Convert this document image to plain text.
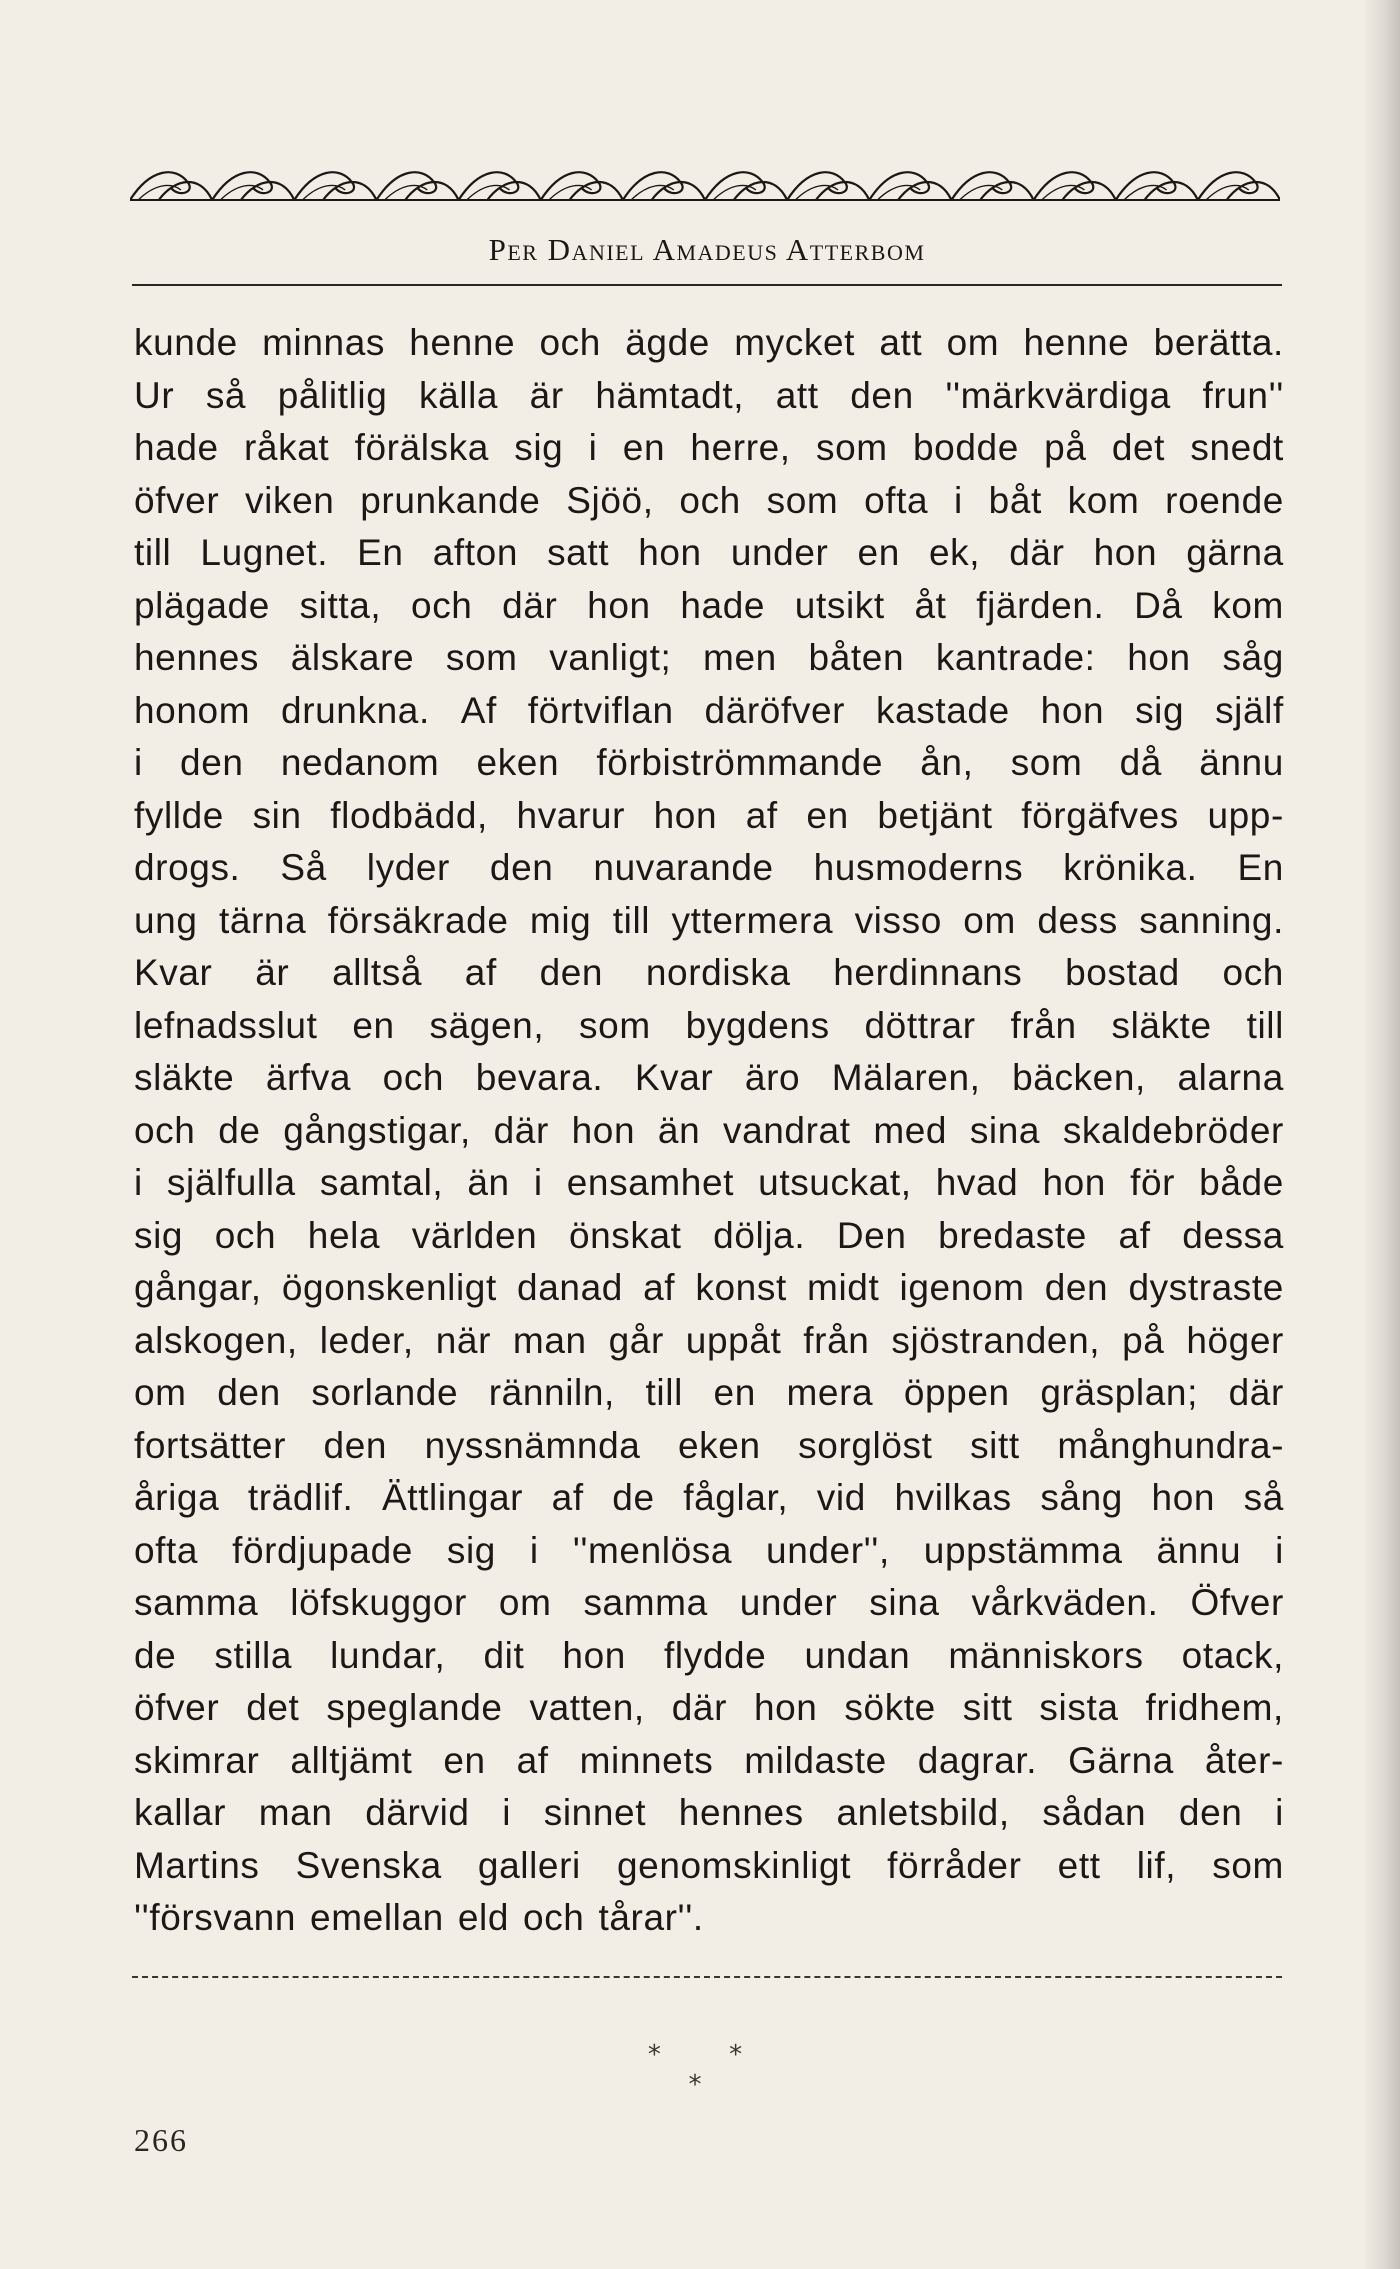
Per Daniel Amadeus Atterbom
kunde minnas henne och ägde mycket att om henne berätta.
Ur så pålitlig källa är hämtadt, att den ''märkvärdiga frun''
hade råkat förälska sig i en herre, som bodde på det snedt
öfver viken prunkande Sjöö, och som ofta i båt kom roende
till Lugnet. En afton satt hon under en ek, där hon gärna
plägade sitta, och där hon hade utsikt åt fjärden. Då kom
hennes älskare som vanligt; men båten kantrade: hon såg
honom drunkna. Af förtviflan däröfver kastade hon sig själf
i den nedanom eken förbiströmmande ån, som då ännu
fyllde sin flodbädd, hvarur hon af en betjänt förgäfves upp-
drogs. Så lyder den nuvarande husmoderns krönika. En
ung tärna försäkrade mig till yttermera visso om dess sanning.
Kvar är alltså af den nordiska herdinnans bostad och
lefnadsslut en sägen, som bygdens döttrar från släkte till
släkte ärfva och bevara. Kvar äro Mälaren, bäcken, alarna
och de gångstigar, där hon än vandrat med sina skaldebröder
i själfulla samtal, än i ensamhet utsuckat, hvad hon för både
sig och hela världen önskat dölja. Den bredaste af dessa
gångar, ögonskenligt danad af konst midt igenom den dystraste
alskogen, leder, när man går uppåt från sjöstranden, på höger
om den sorlande ränniln, till en mera öppen gräsplan; där
fortsätter den nyssnämnda eken sorglöst sitt månghundra-
åriga trädlif. Ättlingar af de fåglar, vid hvilkas sång hon så
ofta fördjupade sig i ''menlösa under'', uppstämma ännu i
samma löfskuggor om samma under sina vårkväden. Öfver
de stilla lundar, dit hon flydde undan människors otack,
öfver det speglande vatten, där hon sökte sitt sista fridhem,
skimrar alltjämt en af minnets mildaste dagrar. Gärna åter-
kallar man därvid i sinnet hennes anletsbild, sådan den i
Martins Svenska galleri genomskinligt förråder ett lif, som
''försvann emellan eld och tårar''.
* * *
266
